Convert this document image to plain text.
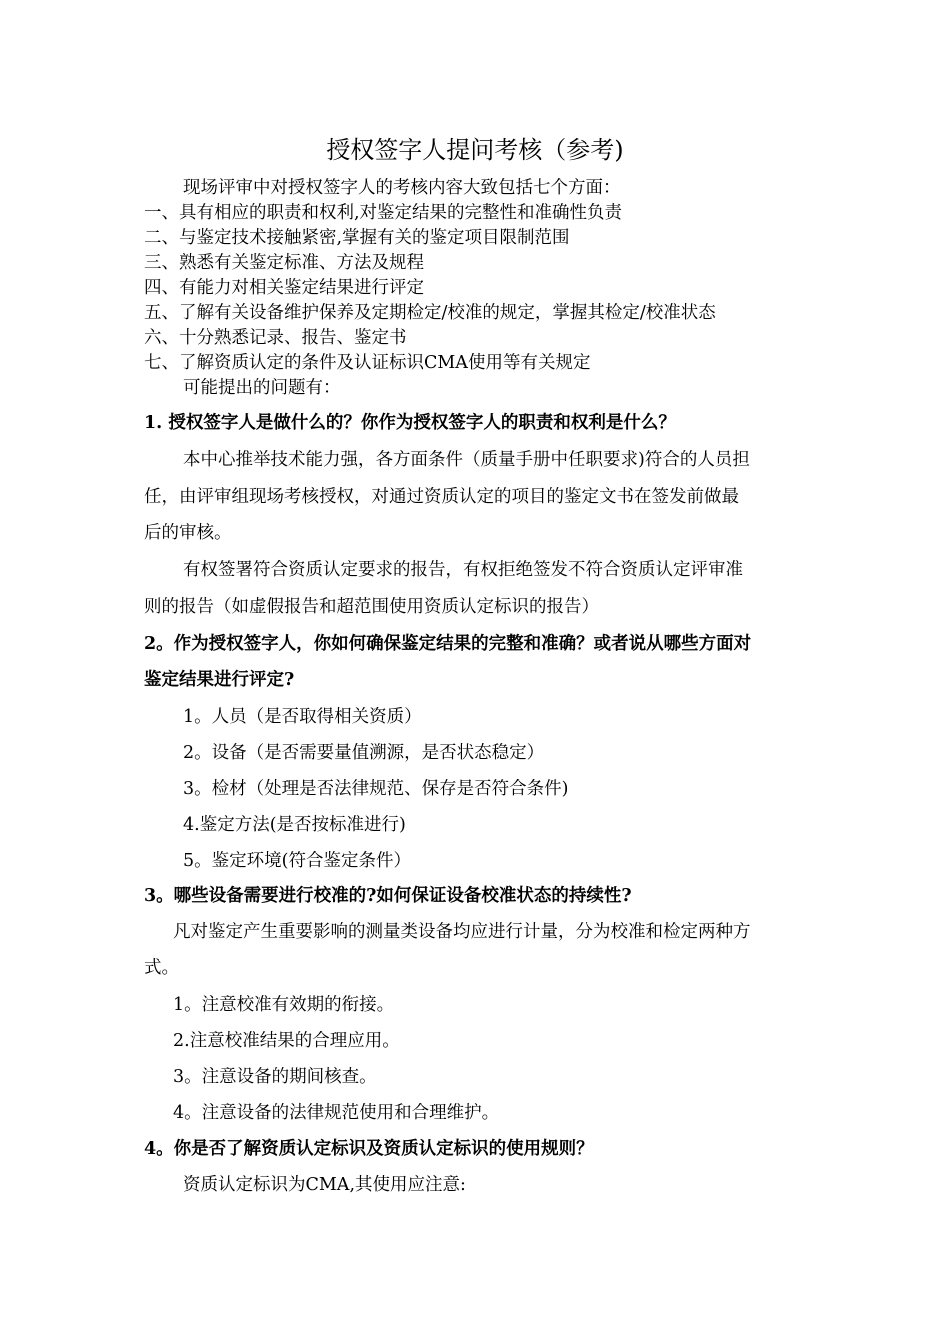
授权签字人提问考核（参考)
现场评审中对授权签字人的考核内容大致包括七个方面：
一、具有相应的职责和权利,对鉴定结果的完整性和准确性负责
二、与鉴定技术接触紧密,掌握有关的鉴定项目限制范围
三、熟悉有关鉴定标准、方法及规程
四、有能力对相关鉴定结果进行评定
五、了解有关设备维护保养及定期检定/校准的规定，掌握其检定/校准状态
六、十分熟悉记录、报告、鉴定书
七、了解资质认定的条件及认证标识CMA使用等有关规定
可能提出的问题有：
1. 授权签字人是做什么的？你作为授权签字人的职责和权利是什么？
本中心推举技术能力强，各方面条件（质量手册中任职要求)符合的人员担
任，由评审组现场考核授权，对通过资质认定的项目的鉴定文书在签发前做最
后的审核。
有权签署符合资质认定要求的报告，有权拒绝签发不符合资质认定评审准
则的报告（如虚假报告和超范围使用资质认定标识的报告）
2。作为授权签字人，你如何确保鉴定结果的完整和准确？或者说从哪些方面对
鉴定结果进行评定?
1。人员（是否取得相关资质）
2。设备（是否需要量值溯源，是否状态稳定）
3。检材（处理是否法律规范、保存是否符合条件)
4.鉴定方法(是否按标准进行)
5。鉴定环境(符合鉴定条件）
3。哪些设备需要进行校准的?如何保证设备校准状态的持续性?
凡对鉴定产生重要影响的测量类设备均应进行计量，分为校准和检定两种方
式。
1。注意校准有效期的衔接。
2.注意校准结果的合理应用。
3。注意设备的期间核查。
4。注意设备的法律规范使用和合理维护。
4。你是否了解资质认定标识及资质认定标识的使用规则？
资质认定标识为CMA,其使用应注意:
